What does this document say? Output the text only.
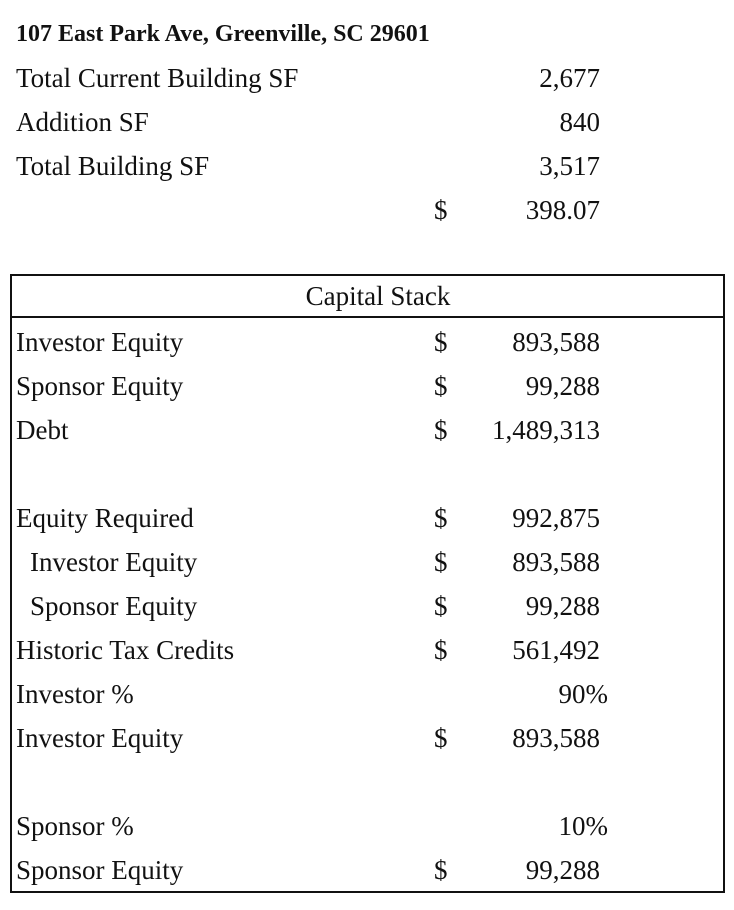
107 East Park Ave, Greenville, SC 29601
Total Current Building SF	2,677
Addition SF	840
Total Building SF	3,517
$	398.07
Capital Stack
Investor Equity	$ 893,588
Sponsor Equity	$	99,288
Debt	$ 1,489,313
Equity Required	$ 992,875
Investor Equity	$ 893,588
Sponsor Equity	$	99,288
Historic Tax Credits	$ 561,492
Investor %	90%
Investor Equity	$ 893,588
Sponsor %	10%
Sponsor Equity	$	99,288
